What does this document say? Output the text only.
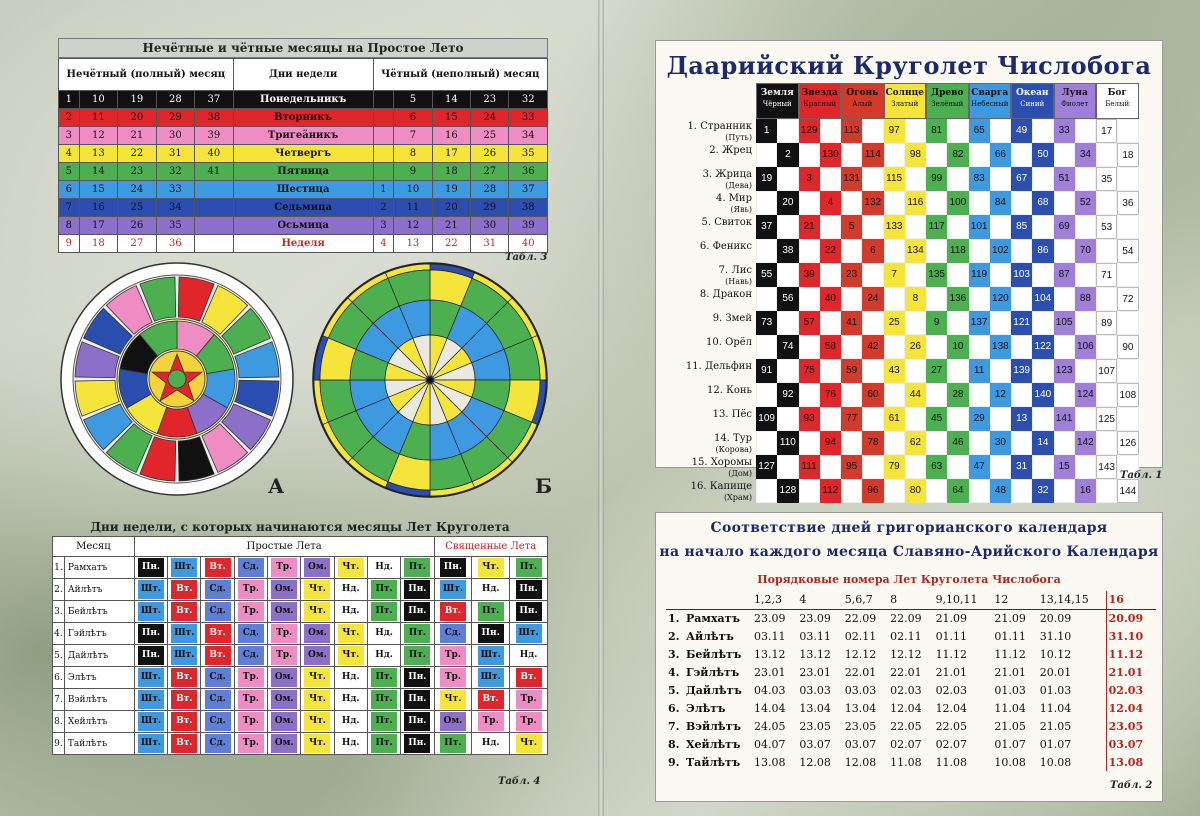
Нечётные и чётные месяцы на Простое Лето
Нечётный (полный) месяц					Дни недели	Чётный (неполный) месяц				
1	10	19	28	37	Понедельникъ		5	14	23	32
2	11	20	29	38	Вторникъ		6	15	24	33
3	12	21	30	39	Тригеäникъ		7	16	25	34
4	13	22	31	40	Четвергъ		8	17	26	35
5	14	23	32	41	Пятница		9	18	27	36
6	15	24	33		Шестица	1	10	19	28	37
7	16	25	34		Седьмица	2	11	20	29	38
8	17	26	35		Осьмица	3	12	21	30	39
9	18	27	36		Неделя	4	13	22	31	40
Табл. 3
А	Б
Дни недели, с которых начинаются месяцы Лет Круголета
Месяц		Простые Лета									Священные Лета		
1.	Рамхатъ	Пн.	Шт.	Вт.	Сд.	Тр.	Ом.	Чт.	Нд.	Пт.	Пн.	Чт.	Пт.
2.	Айлѣтъ	Шт.	Вт.	Сд.	Тр.	Ом.	Чт.	Нд.	Пт.	Пн.	Шт.	Нд.	Пн.
3.	Бейлѣтъ	Шт.	Вт.	Сд.	Тр.	Ом.	Чт.	Нд.	Пт.	Пн.	Вт.	Пт.	Пн.
4.	Гэйлѣтъ	Пн.	Шт.	Вт.	Сд.	Тр.	Ом.	Чт.	Нд.	Пт.	Сд.	Пн.	Шт.
5.	Дайлѣтъ	Пн.	Шт.	Вт.	Сд.	Тр.	Ом.	Чт.	Нд.	Пт.	Тр.	Шт.	Нд.
6.	Элѣтъ	Шт.	Вт.	Сд.	Тр.	Ом.	Чт.	Нд.	Пт.	Пн.	Тр.	Шт.	Вт.
7.	Вэйлѣтъ	Шт.	Вт.	Сд.	Тр.	Ом.	Чт.	Нд.	Пт.	Пн.	Чт.	Вт.	Тр.
8.	Хейлѣтъ	Шт.	Вт.	Сд.	Тр.	Ом.	Чт.	Нд.	Пт.	Пн.	Ом.	Тр.	Тр.
9.	Тайлѣтъ	Шт.	Вт.	Сд.	Тр.	Ом.	Чт.	Нд.	Пт.	Пн.	Пт.	Нд.	Чт.
Табл. 4
Даарийский Круголет Числобога
Земля
Чёрный
Звезда
Красный
Огонь
Алый
Солнце
Златый
Древо
Зелёный
Сварга
Небесный
Океан
Синий
Луна
Фиолет
Бог
Белый
1. Странник
(Путь)
1	129	113	97	81	65	49	33	17
2. Жрец	2	130	114	98	82	66	50	34	18
3. Жрица
(Дева)
19	3	131	115	99	83	67	51	35
4. Мир
(Явь)
20	4	132	116	100	84	68	52	36
5. Свиток 37	21	5	133	117	101	85	69	53
6. Феникс	38	22	6	134	118	102	86	70	54
7. Лис
(Навь)
55	39	23	7	135	119	103	87	71
8. Дракон	56	40	24	8	136	120	104	88	72
9. Змей 73	57	41	25	9	137	121	105	89
10. Орёл	74	58	42	26	10	138	122	106	90
11. Дельфин 91	75	59	43	27	11	139	123	107
12. Конь	92	76	60	44	28	12	140	124	108
13. Пёс 109	93	77	61	45	29	13	141	125
14. Тур
(Корова)
110	94	78	62	46	30	14	142	126
15. Хоромы
(Дом)
127	111	95	79	63	47	31	15	143
16. Капище
(Храм)
128	112	96	80	64	48	32	16	144
Табл. 1
Соответствие дней григорианского календаря
на начало каждого месяца Славяно-Арийского Календаря
Порядковые номера Лет Круголета Числобога
		1,2,3	4	5,6,7	8	9,10,11	12	13,14,15	16
1.	Рамхатъ	23.09	23.09	22.09	22.09	21.09	21.09	20.09	20.09
2.	Айлѣтъ	03.11	03.11	02.11	02.11	01.11	01.11	31.10	31.10
3.	Бейлѣтъ	13.12	13.12	12.12	12.12	11.12	11.12	10.12	11.12
4.	Гэйлѣтъ	23.01	23.01	22.01	22.01	21.01	21.01	20.01	21.01
5.	Дайлѣтъ	04.03	03.03	03.03	02.03	02.03	01.03	01.03	02.03
6.	Элѣтъ	14.04	13.04	13.04	12.04	12.04	11.04	11.04	12.04
7.	Вэйлѣтъ	24.05	23.05	23.05	22.05	22.05	21.05	21.05	23.05
8.	Хейлѣтъ	04.07	03.07	03.07	02.07	02.07	01.07	01.07	03.07
9.	Тайлѣтъ	13.08	12.08	12.08	11.08	11.08	10.08	10.08	13.08
Табл. 2
